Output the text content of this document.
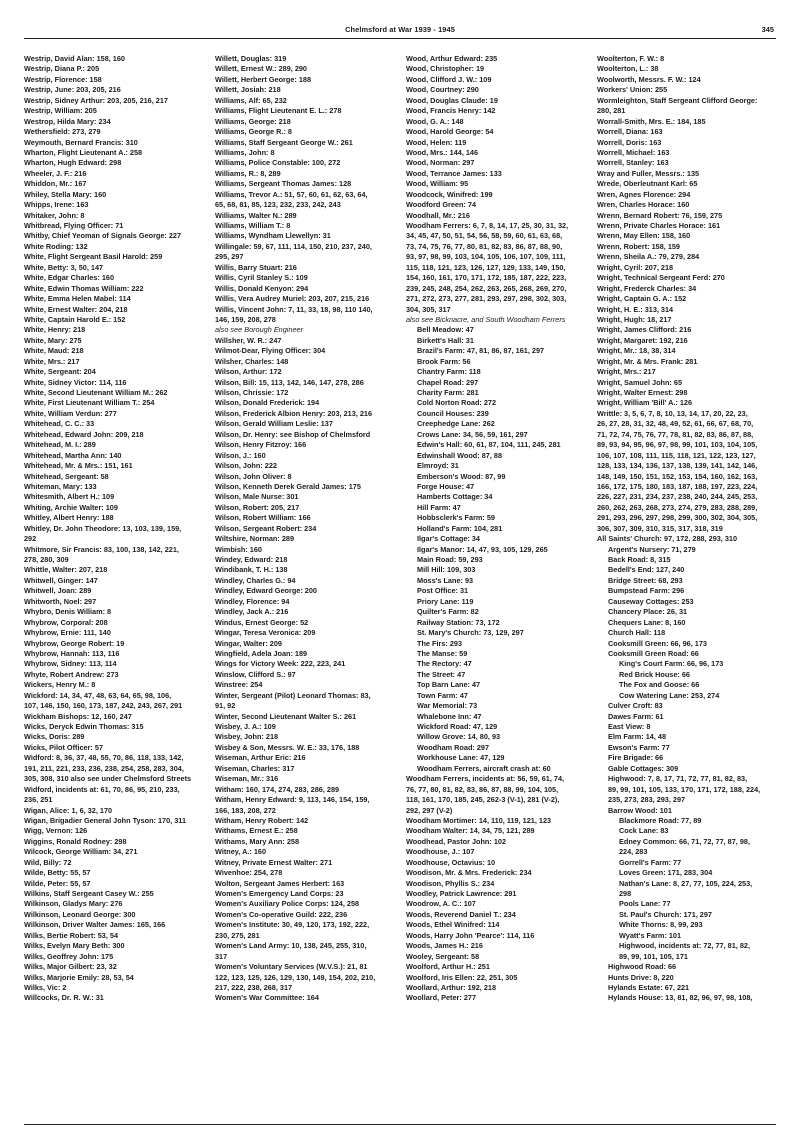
Chelmsford at War 1939 - 1945	345

Westrip, David Alan: 158, 160

Westrip, Diana P.: 205

Westrip, Florence: 158

Westrip, June: 203, 205, 216

Westrip, Sidney Arthur: 203, 205, 216, 217

Westrip, William: 205

Westrop, Hilda Mary: 234

Wethersfield: 273, 279

Weymouth, Bernard Francis: 310

Wharton, Flight Lieutenant A.: 258

Wharton, Hugh Edward: 298

Wheeler, J. F.: 216

Whiddon, Mr.: 167

Whiley, Stella Mary: 160

Whipps, Irene: 163

Whitaker, John: 8

Whitbread, Flying Officer: 71

Whitby, Chief Yeoman of Signals George: 227

White Roding: 132

White, Flight Sergeant Basil Harold: 259

White, Betty: 3, 50, 147

White, Edgar Charles: 160

White, Edwin Thomas William: 222

White, Emma Helen Mabel: 114

White, Ernest Walter: 204, 218

White, Captain Harold E.: 152

White, Henry: 218

White, Mary: 275

White, Maud: 218

White, Mrs.: 217

White, Sergeant: 204

White, Sidney Victor: 114, 116

White, Second Lieutenant William M.: 262

White, First Lieutenant William T.: 254

White, William Verdun: 277

Whitehead, C. C.: 33

Whitehead, Edward John: 209, 218

Whitehead, M. I.: 289

Whitehead, Martha Ann: 140

Whitehead, Mr. & Mrs.: 151, 161

Whitehead, Sergeant: 58

Whiteman, Mary: 133

Whitesmith, Albert H.: 109

Whiting, Archie Walter: 109

Whitley, Albert Henry: 188

Whitley, Dr. John Theodore: 13, 103, 139, 159,

292

Whitmore, Sir Francis: 83, 100, 138, 142, 221,

278, 280, 309

Whittle, Walter: 207, 218

Whitwell, Ginger: 147

Whitwell, Joan: 289

Whitworth, Noel: 297

Whybro, Denis William: 8

Whybrow, Corporal: 208

Whybrow, Ernie: 111, 140

Whybrow, George Robert: 19

Whybrow, Hannah: 113, 116

Whybrow, Sidney: 113, 114

Whyte, Robert Andrew: 273

Wickers, Henry M.: 8

Wickford: 14, 34, 47, 48, 63, 64, 65, 98, 106,

107, 146, 150, 160, 173, 187, 242, 243, 267, 291

Wickham Bishops: 12, 160, 247

Wicks, Deryck Edwin Thomas: 315

Wicks, Doris: 289

Wicks, Pilot Officer: 57

Widford: 8, 36, 37, 48, 55, 70, 86, 118, 133, 142,

191, 211, 221, 233, 236, 238, 254, 258, 283, 304,

305, 308, 310 also see under Chelmsford Streets

Widford, incidents at: 61, 70, 86, 95, 210, 233,

236, 251

Wigan, Alice: 1, 6, 32, 170

Wigan, Brigadier General John Tyson: 170, 311

Wigg, Vernon: 126

Wiggins, Ronald Rodney: 298

Wilcock, George William: 34, 271

Wild, Billy: 72

Wilde, Betty: 55, 57

Wilde, Peter: 55, 57

Wilkins, Staff Sergeant Casey W.: 255

Wilkinson, Gladys Mary: 276

Wilkinson, Leonard George: 300

Wilkinson, Driver Walter James: 165, 166

Wilks, Bertie Robert: 53, 54

Wilks, Evelyn Mary Beth: 300

Wilks, Geoffrey John: 175

Wilks, Major Gilbert: 23, 32

Wilks, Marjorie Emily: 28, 53, 54

Wilks, Vic: 2

Willcocks, Dr. R. W.: 31

Willett, Douglas: 319

Willett, Ernest W.: 289, 290

Willett, Herbert George: 188

Willett, Josiah: 218

Williams, Alf: 65, 232

Williams, Flight Lieutenant E. L.: 278

Williams, George: 218

Williams, George R.: 8

Williams, Staff Sergeant George W.: 261

Williams, John: 8

Williams, Police Constable: 100, 272

Williams, R.: 8, 289

Williams, Sergeant Thomas James: 128

Williams, Trevor A.: 51, 57, 60, 61, 62, 63, 64,

65, 68, 81, 85, 123, 232, 233, 242, 243

Williams, Walter N.: 289

Williams, William T.: 8

Williams, Wyndham Llewellyn: 31

Willingale: 59, 67, 111, 114, 150, 210, 237, 240,

295, 297

Willis, Barry Stuart: 216

Willis, Cyril Stanley S.: 109

Willis, Donald Kenyon: 294

Willis, Vera Audrey Muriel: 203, 207, 215, 216

Willis, Vincent John: 7, 11, 33, 18, 98, 110 140,

146, 159, 208, 278

also see Borough Engineer

Willsher, W. R.: 247

Wilmot-Dear, Flying Officer: 304

Wilsher, Charles: 148

Wilson, Arthur: 172

Wilson, Bill: 15, 113, 142, 146, 147, 278, 286

Wilson, Chrissie: 172

Wilson, Donald Frederick: 194

Wilson, Frederick Albion Henry: 203, 213, 216

Wilson, Gerald William Leslie: 137

Wilson, Dr. Henry: see Bishop of Chelmsford

Wilson, Henry Fitzroy: 166

Wilson, J.: 160

Wilson, John: 222

Wilson, John Oliver: 8

Wilson, Kenneth Derek Gerald James: 175

Wilson, Male Nurse: 301

Wilson, Robert: 205, 217

Wilson, Robert William: 166

Wilson, Sergeant Robert: 234

Wiltshire, Norman: 289

Wimbish: 160

Windey, Edward: 218

Windibank, T. H.: 138

Windley, Charles G.: 94

Windley, Edward George: 200

Windley, Florence: 94

Windley, Jack A.: 216

Windus, Ernest George: 52

Wingar, Teresa Veronica: 209

Wingar, Walter: 209

Wingfield, Adela Joan: 189

Wings for Victory Week: 222, 223, 241

Winslow, Clifford S.: 97

Winstree: 254

Winter, Sergeant (Pilot) Leonard Thomas: 83,

91, 92

Winter, Second Lieutenant Walter S.: 261

Wisbey, J. A.: 109

Wisbey, John: 218

Wisbey & Son, Messrs. W. E.: 33, 176, 188

Wiseman, Arthur Eric: 216

Wiseman, Charles: 317

Wiseman, Mr.: 316

Witham: 160, 174, 274, 283, 286, 289

Witham, Henry Edward: 9, 113, 146, 154, 159,

166, 183, 208, 272

Witham, Henry Robert: 142

Withams, Ernest E.: 258

Withams, Mary Ann: 258

Witney, A.: 160

Witney, Private Ernest Walter: 271

Wivenhoe: 254, 278

Wolton, Sergeant James Herbert: 163

Women's Emergency Land Corps: 23

Women's Auxiliary Police Corps: 124, 258

Women's Co-operative Guild: 222, 236

Women's Institute: 30, 49, 120, 173, 192, 222,

230, 275, 281

Women's Land Army: 10, 138, 245, 255, 310,

317

Women's Voluntary Services (W.V.S.): 21, 81

122, 123, 125, 126, 129, 130, 149, 154, 202, 210,

217, 222, 238, 268, 317

Women's War Committee: 164

Wood, Arthur Edward: 235

Wood, Christopher: 19

Wood, Clifford J. W.: 109

Wood, Courtney: 290

Wood, Douglas Claude: 19

Wood, Francis Henry: 142

Wood, G. A.: 148

Wood, Harold George: 54

Wood, Helen: 119

Wood, Mrs.: 144, 146

Wood, Norman: 297

Wood, Terrance James: 133

Wood, William: 95

Woodcock, Winifred: 199

Woodford Green: 74

Woodhall, Mr.: 216

Woodham Ferrers: 6, 7, 8, 14, 17, 25, 30, 31, 32,

34, 45, 47, 50, 51, 54, 56, 58, 59, 60, 61, 63, 68,

73, 74, 75, 76, 77, 80, 81, 82, 83, 86, 87, 88, 90,

93, 97, 98, 99, 103, 104, 105, 106, 107, 109, 111,

115, 118, 121, 123, 126, 127, 129, 133, 149, 150,

154, 160, 161, 170, 171, 172, 185, 187, 222, 223,

239, 245, 248, 254, 262, 263, 265, 268, 269, 270,

271, 272, 273, 277, 281, 293, 297, 298, 302, 303,

304, 305, 317

also see Bicknacre, and South Woodham Ferrers

Bell Meadow: 47

Birkett's Hall: 31

Brazil's Farm: 47, 81, 86, 87, 161, 297

Brook Farm: 56

Chantry Farm: 118

Chapel Road: 297

Charity Farm: 281

Cold Norton Road: 272

Council Houses: 239

Creephedge Lane: 262

Crows Lane: 34, 56, 59, 161, 297

Edwin's Hall: 60, 61, 87, 104, 111, 245, 281

Edwinshall Wood: 87, 88

Elmroyd: 31

Emberson's Wood: 87, 99

Forge House: 47

Hamberts Cottage: 34

Hill Farm: 47

Hobbsclerk's Farm: 59

Holland's Farm: 104, 281

Ilgar's Cottage: 34

Ilgar's Manor: 14, 47, 93, 105, 129, 265

Main Road: 59, 293

Mill Hill: 109, 303

Moss's Lane: 93

Post Office: 31

Priory Lane: 119

Quilter's Farm: 82

Railway Station: 73, 172

St. Mary's Church: 73, 129, 297

The Firs: 293

The Manse: 59

The Rectory: 47

The Street: 47

Top Barn Lane: 47

Town Farm: 47

War Memorial: 73

Whalebone Inn: 47

Wickford Road: 47, 129

Willow Grove: 14, 80, 93

Woodham Road: 297

Workhouse Lane: 47, 129

Woodham Ferrers, aircraft crash at: 60

Woodham Ferrers, incidents at: 56, 59, 61, 74,

76, 77, 80, 81, 82, 83, 86, 87, 88, 99, 104, 105,

118, 161, 170, 185, 245, 262-3 (V-1), 281 (V-2),

292, 297 (V-2)

Woodham Mortimer: 14, 110, 119, 121, 123

Woodham Walter: 14, 34, 75, 121, 289

Woodhead, Pastor John: 102

Woodhouse, J.: 107

Woodhouse, Octavius: 10

Woodison, Mr. & Mrs. Frederick: 234

Woodison, Phyllis S.: 234

Woodley, Patrick Lawrence: 291

Woodrow, A. C.: 107

Woods, Reverend Daniel T.: 234

Woods, Ethel Winifred: 114

Woods, Harry John 'Pearce': 114, 116

Woods, James H.: 216

Wooley, Sergeant: 58

Woolford, Arthur H.: 251

Woolford, Iris Ellen: 22, 251, 305

Woollard, Arthur: 192, 218

Woollard, Peter: 277

Woolterton, F. W.: 8

Woolterton, L.: 38

Woolworth, Messrs. F. W.: 124

Workers' Union: 255

Wormleighton, Staff Sergeant Clifford George:

280, 281

Worrall-Smith, Mrs. E.: 184, 185

Worrell, Diana: 163

Worrell, Doris: 163

Worrell, Michael: 163

Worrell, Stanley: 163

Wray and Fuller, Messrs.: 135

Wrede, Oberleutnant Karl: 65

Wren, Agnes Florence: 294

Wren, Charles Horace: 160

Wrenn, Bernard Robert: 76, 159, 275

Wrenn, Private Charles Horace: 161

Wrenn, May Ellen: 158, 160

Wrenn, Robert: 158, 159

Wrenn, Sheila A.: 79, 279, 284

Wright, Cyril: 207, 218

Wright, Technical Sergeant Ferd: 270

Wright, Frederck Charles: 34

Wright, Captain G. A.: 152

Wright, H. E.: 313, 314

Wright, Hugh: 18, 217

Wright, James Clifford: 216

Wright, Margaret: 192, 216

Wright, Mr.: 18, 38, 314

Wright, Mr. & Mrs. Frank: 281

Wright, Mrs.: 217

Wright, Samuel John: 65

Wright, Walter Ernest: 298

Wright, William 'Bill' A.: 126

Writtle: 3, 5, 6, 7, 8, 10, 13, 14, 17, 20, 22, 23,

26, 27, 28, 31, 32, 48, 49, 52, 61, 66, 67, 68, 70,

71, 72, 74, 75, 76, 77, 78, 81, 82, 83, 86, 87, 88,

89, 93, 94, 95, 96, 97, 98, 99, 101, 103, 104, 105,

106, 107, 108, 111, 115, 118, 121, 122, 123, 127,

128, 133, 134, 136, 137, 138, 139, 141, 142, 146,

148, 149, 150, 151, 152, 153, 154, 160, 162, 163,

166, 172, 175, 180, 183, 187, 188, 197, 223, 224,

226, 227, 231, 234, 237, 238, 240, 244, 245, 253,

260, 262, 263, 268, 273, 274, 279, 283, 288, 289,

291, 293, 296, 297, 298, 299, 300, 302, 304, 305,

306, 307, 309, 310, 315, 317, 318, 319

All Saints' Church: 97, 172, 288, 293, 310

Argent's Nursery: 71, 279

Back Road: 8, 315

Bedell's End: 127, 240

Bridge Street: 68, 293

Bumpstead Farm: 296

Causeway Cottages: 253

Chancery Place: 26, 31

Chequers Lane: 8, 160

Church Hall: 118

Cooksmill Green: 66, 96, 173

Cooksmill Green Road: 66

King's Court Farm: 66, 96, 173

Red Brick House: 66

The Fox and Goose: 66

Cow Watering Lane: 253, 274

Culver Croft: 83

Dawes Farm: 61

East View: 8

Elm Farm: 14, 48

Ewson's Farm: 77

Fire Brigade: 66

Gable Cottages: 309

Highwood: 7, 8, 17, 71, 72, 77, 81, 82, 83,

89, 99, 101, 105, 133, 170, 171, 172, 188, 224,

235, 273, 283, 293, 297

Barrow Wood: 101

Blackmore Road: 77, 89

Cock Lane: 83

Edney Common: 66, 71, 72, 77, 87, 98,

224, 283

Gorrell's Farm: 77

Loves Green: 171, 283, 304

Nathan's Lane: 8, 27, 77, 105, 224, 253,

298

Pools Lane: 77

St. Paul's Church: 171, 297

White Thorns: 8, 99, 293

Wyatt's Farm: 101

Highwood, incidents at: 72, 77, 81, 82,

89, 99, 101, 105, 171

Highwood Road: 66

Hunts Drive: 8, 220

Hylands Estate: 67, 221

Hylands House: 13, 81, 82, 96, 97, 98, 108,
